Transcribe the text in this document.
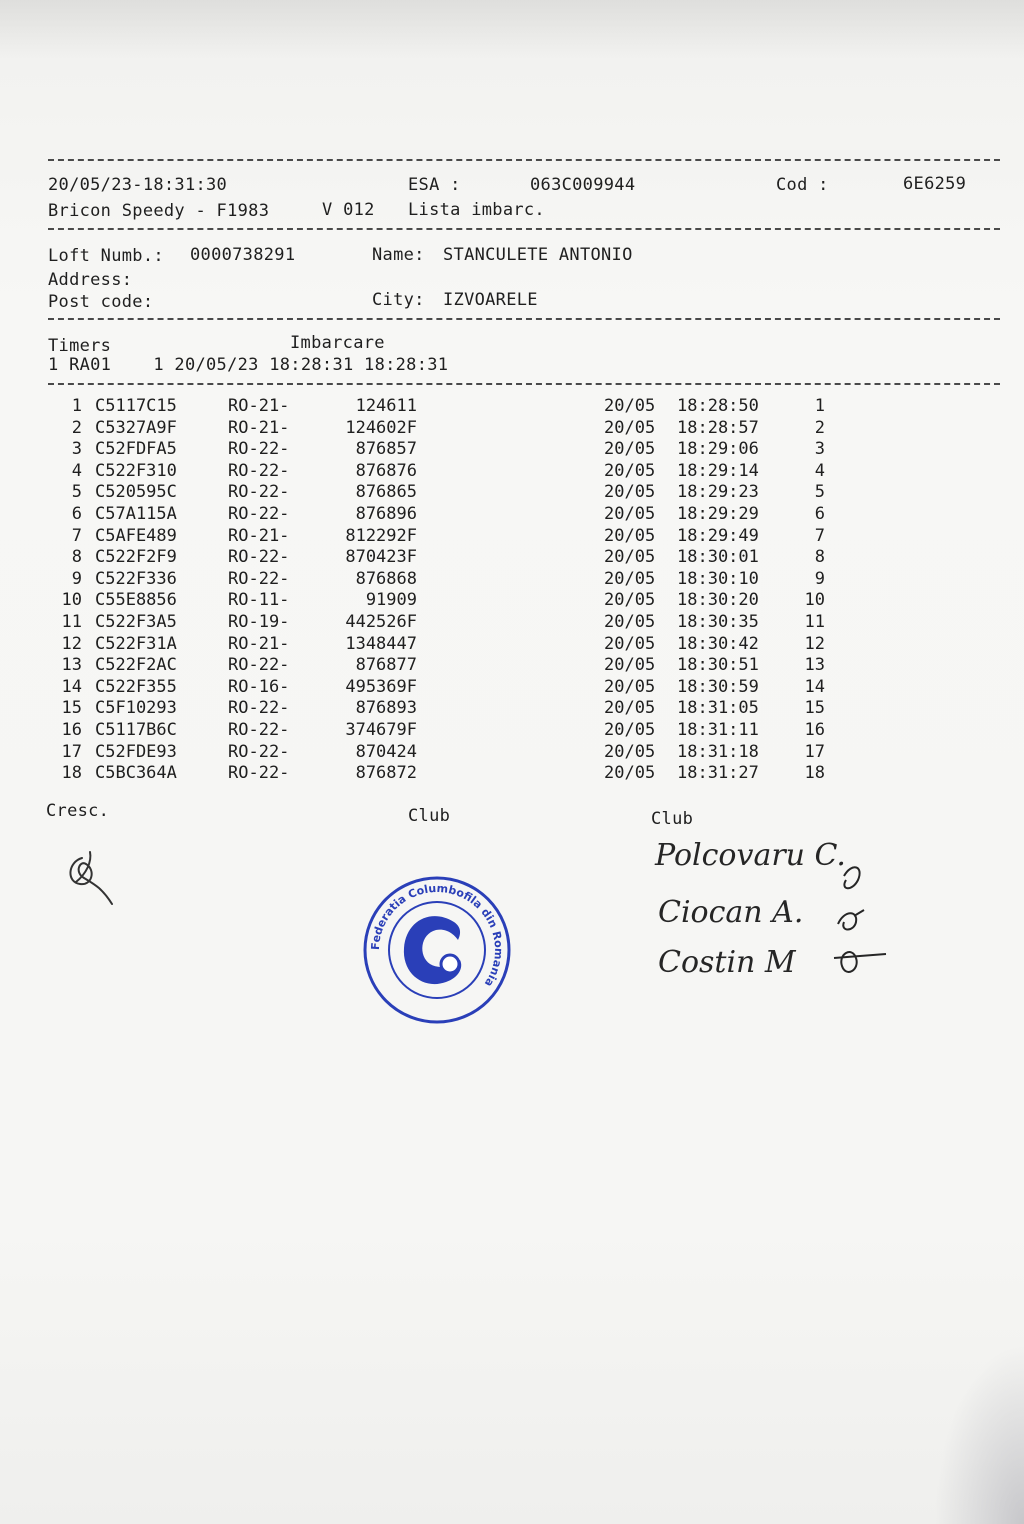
20/05/23-18:31:30	ESA :	063C009944	Cod :	6E6259
Bricon Speedy - F1983	V 012 Lista imbarc.
Loft Numb.: 0000738291	Name: STANCULETE ANTONIO
Address:
Post code:	City: IZVOARELE
Timers	Imbarcare
1 RA01    1 20/05/23 18:28:31 18:28:31
1 C5117C15	RO-21-	124611	20/05 18:28:50	1
2 C5327A9F	RO-21-	124602F	20/05 18:28:57	2
3 C52FDFA5	RO-22-	876857	20/05 18:29:06	3
4 C522F310	RO-22-	876876	20/05 18:29:14	4
5 C520595C	RO-22-	876865	20/05 18:29:23	5
6 C57A115A	RO-22-	876896	20/05 18:29:29	6
7 C5AFE489	RO-21-	812292F	20/05 18:29:49	7
8 C522F2F9	RO-22-	870423F	20/05 18:30:01	8
9 C522F336	RO-22-	876868	20/05 18:30:10	9
10 C55E8856	RO-11-	91909	20/05 18:30:20	10
11 C522F3A5	RO-19-	442526F	20/05 18:30:35	11
12 C522F31A	RO-21-	1348447	20/05 18:30:42	12
13 C522F2AC	RO-22-	876877	20/05 18:30:51	13
14 C522F355	RO-16-	495369F	20/05 18:30:59	14
15 C5F10293	RO-22-	876893	20/05 18:31:05	15
16 C5117B6C	RO-22-	374679F	20/05 18:31:11	16
17 C52FDE93	RO-22-	870424	20/05 18:31:18	17
18 C5BC364A	RO-22-	876872	20/05 18:31:27	18
Cresc.	Club	Club
Federatia Columbofila din Romania
Polcovaru C.
Ciocan A.
Costin M
